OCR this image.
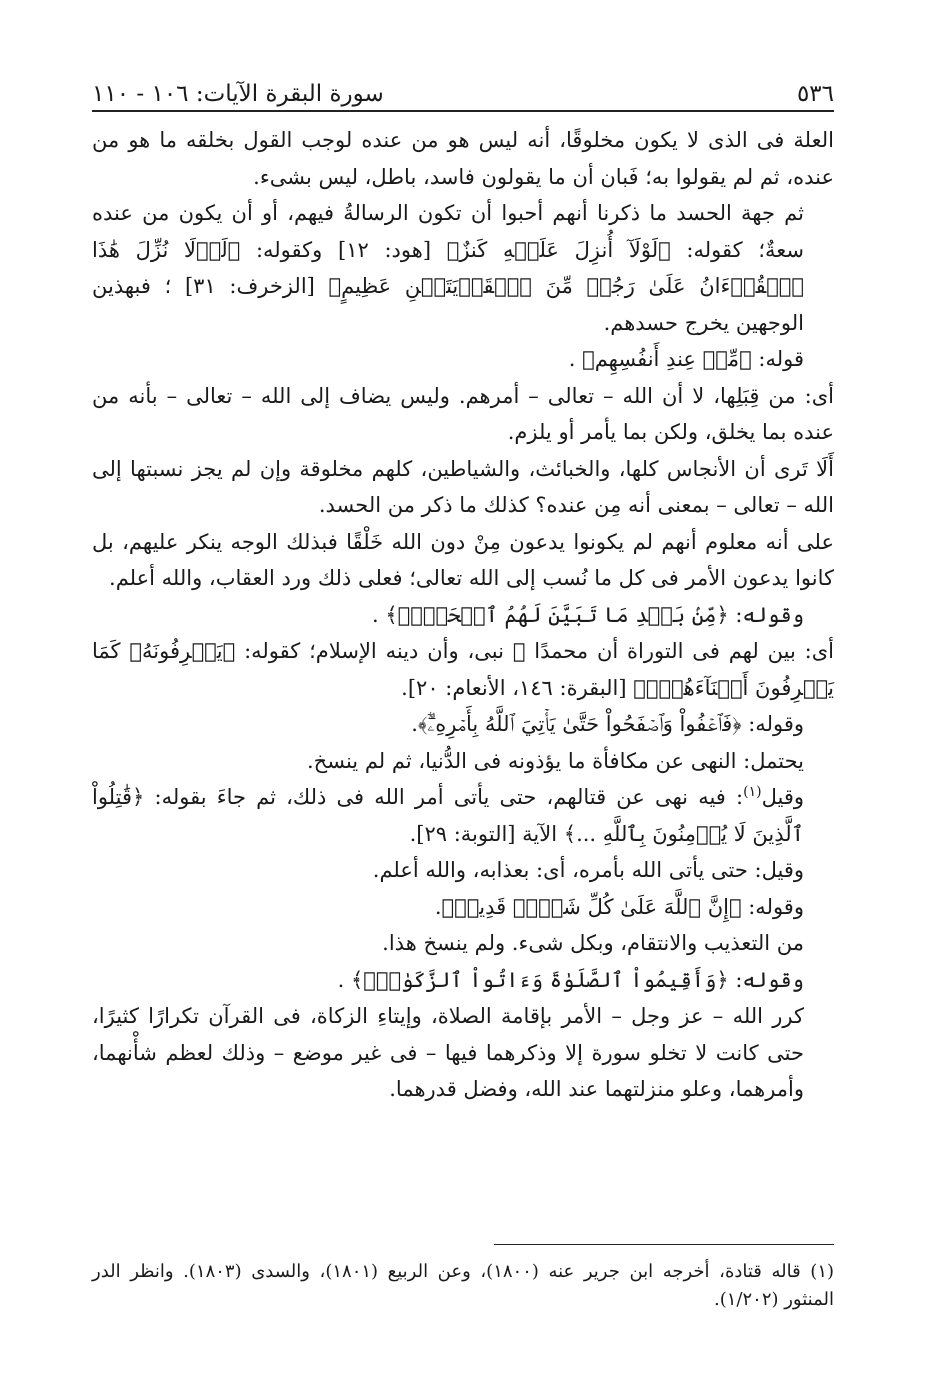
٥٣٦
سورة البقرة الآيات: ١٠٦ - ١١٠

العلة فى الذى لا يكون مخلوقًا، أنه ليس هو من عنده لوجب القول بخلقه ما هو من عنده، ثم لم يقولوا به؛ فَبان أن ما يقولون فاسد، باطل، ليس بشىء.

ثم جهة الحسد ما ذكرنا أنهم أحبوا أن تكون الرسالةُ فيهم، أو أن يكون من عنده سعةٌ؛ كقوله: ﴿لَوْلَآ أُنزِلَ عَلَيۡهِ كَنزٌ﴾ [هود: ١٢] وكقوله: ﴿لَوۡلَا نُزِّلَ هَٰذَا ٱلۡقُرۡءَانُ عَلَىٰ رَجُلٖ مِّنَ ٱلۡقَرۡيَتَيۡنِ عَظِيمٍ﴾ [الزخرف: ٣١] ؛ فبهذين الوجهين يخرج حسدهم.

قوله: ﴿مِّنۡ عِندِ أَنفُسِهِم﴾ .

أى: من قِبَلِها، لا أن الله – تعالى – أمرهم. وليس يضاف إلى الله – تعالى – بأنه من عنده بما يخلق، ولكن بما يأمر أو يلزم.

أَلَا تَرى أن الأنجاس كلها، والخبائث، والشياطين، كلهم مخلوقة وإن لم يجز نسبتها إلى الله – تعالى – بمعنى أنه مِن عنده؟ كذلك ما ذكر من الحسد.

على أنه معلوم أنهم لم يكونوا يدعون مِنْ دون الله خَلْقًا فبذلك الوجه ينكر عليهم، بل كانوا يدعون الأمر فى كل ما نُسب إلى الله تعالى؛ فعلى ذلك ورد العقاب، والله أعلم.

وقوله: ﴿مِّنۢ بَعۡدِ مَا تَبَيَّنَ لَهُمُ ٱلۡحَقُّۖ﴾ .

أى: بين لهم فى التوراة أن محمدًا ﷺ نبى، وأن دينه الإسلام؛ كقوله: ﴿يَعۡرِفُونَهُۥ كَمَا يَعۡرِفُونَ أَبۡنَآءَهُمۡۖ﴾ [البقرة: ١٤٦، الأنعام: ٢٠].

وقوله: ﴿فَٱعۡفُواْ وَٱصۡفَحُواْ حَتَّىٰ يَأۡتِيَ ٱللَّهُ بِأَمۡرِهِۦٓۗ﴾.

يحتمل: النهى عن مكافأة ما يؤذونه فى الدُّنيا، ثم لم ينسخ.

وقيل$^{(١)}$: فيه نهى عن قتالهم، حتى يأتى أمر الله فى ذلك، ثم جاءَ بقوله: ﴿قَٰتِلُواْ ٱلَّذِينَ لَا يُؤۡمِنُونَ بِٱللَّهِ ...﴾ الآية [التوبة: ٢٩].

وقيل: حتى يأتى الله بأمره، أى: بعذابه، والله أعلم.

وقوله: ﴿إِنَّ ٱللَّهَ عَلَىٰ كُلِّ شَيۡءٖ قَدِيرٞ﴾.

من التعذيب والانتقام، وبكل شىء. ولم ينسخ هذا.

وقوله: ﴿وَأَقِيمُواْ ٱلصَّلَوٰةَ وَءَاتُواْ ٱلزَّكَوٰةَۚ﴾ .

كرر الله – عز وجل – الأمر بإقامة الصلاة، وإيتاءِ الزكاة، فى القرآن تكرارًا كثيرًا، حتى كانت لا تخلو سورة إلا وذكرهما فيها – فى غير موضع – وذلك لعظم شأْنهما، وأمرهما، وعلو منزلتهما عند الله، وفضل قدرهما.

(١) قاله قتادة، أخرجه ابن جرير عنه (١٨٠٠)، وعن الربيع (١٨٠١)، والسدى (١٨٠٣). وانظر الدر المنثور (١/٢٠٢).
